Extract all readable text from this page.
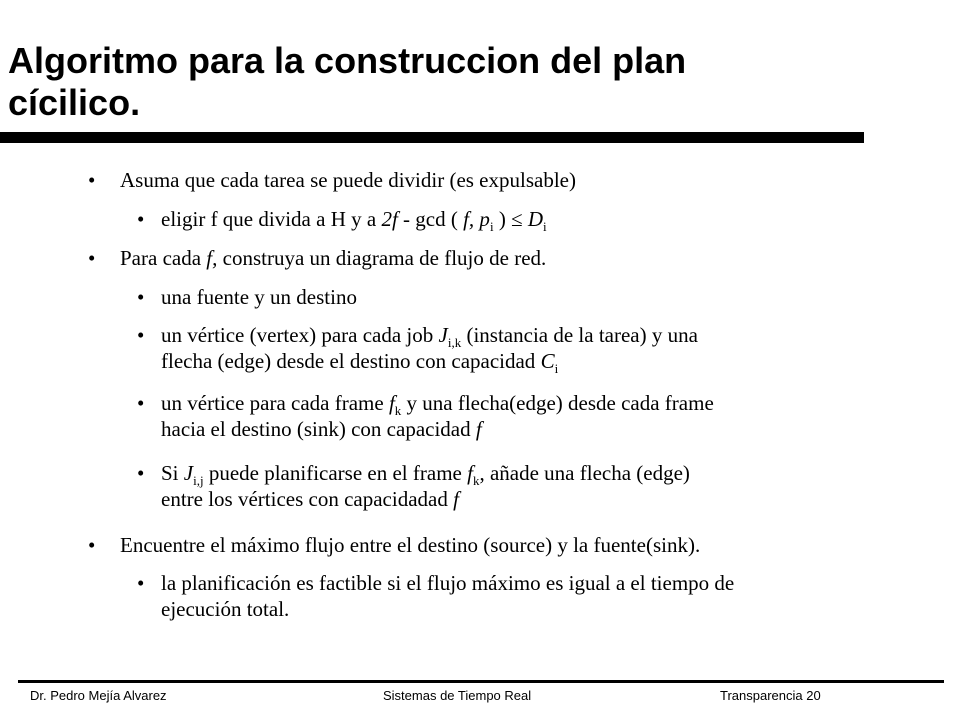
Algoritmo para la construccion del plan
cícilico.
• Asuma que cada tarea se puede dividir (es expulsable)
• eligir f que divida a H y a 2f - gcd ( f, $p_i$ ) ≤ $D_i$
• Para cada f, construya un diagrama de flujo de red.
• una fuente y un destino
• un vértice (vertex) para cada job $J_{i,k}$ (instancia de la tarea) y una
flecha (edge) desde el destino con capacidad $C_i$
• un vértice para cada frame $f_k$ y una flecha(edge) desde cada frame
hacia el destino (sink) con capacidad f
• Si $J_{i,j}$ puede planificarse en el frame $f_k$, añade una flecha (edge)
entre los vértices con capacidadad f
• Encuentre el máximo flujo entre el destino (source) y la fuente(sink).
• la planificación es factible si el flujo máximo es igual a el tiempo de
ejecución total.
Dr. Pedro Mejía Alvarez	Sistemas de Tiempo Real	Transparencia 20
